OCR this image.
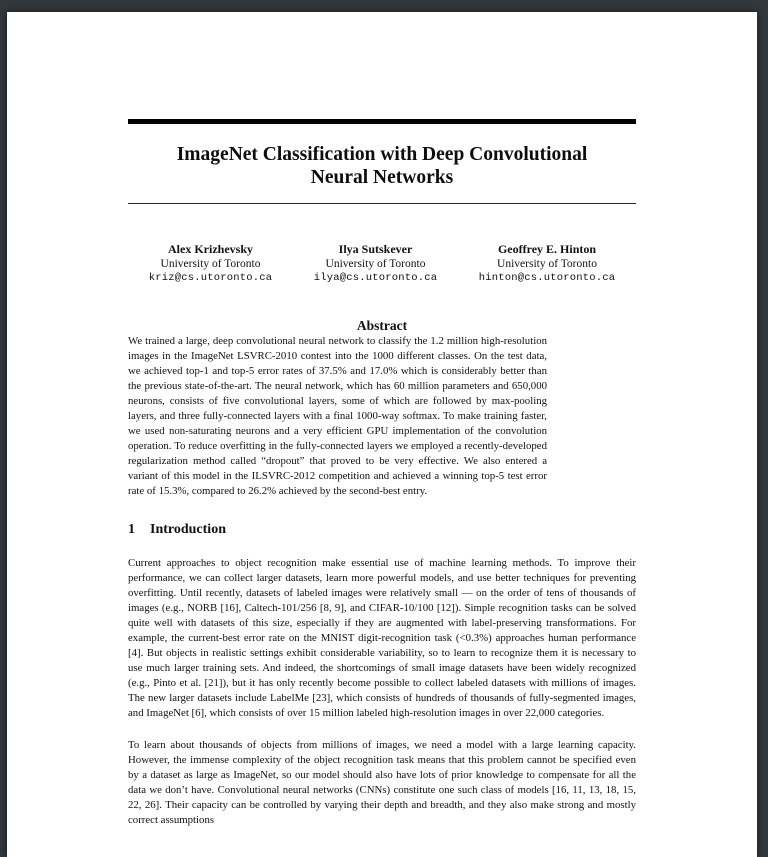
ImageNet Classification with Deep Convolutional
Neural Networks
Alex Krizhevsky
University of Toronto
kriz@cs.utoronto.ca
Ilya Sutskever
University of Toronto
ilya@cs.utoronto.ca
Geoffrey E. Hinton
University of Toronto
hinton@cs.utoronto.ca
Abstract

We trained a large, deep convolutional neural network to classify the 1.2 million high-resolution images in the ImageNet LSVRC-2010 contest into the 1000 different classes. On the test data, we achieved top-1 and top-5 error rates of 37.5% and 17.0% which is considerably better than the previous state-of-the-art. The neural network, which has 60 million parameters and 650,000 neurons, consists of five convolutional layers, some of which are followed by max-pooling layers, and three fully-connected layers with a final 1000-way softmax. To make training faster, we used non-saturating neurons and a very efficient GPU implementation of the convolution operation. To reduce overfitting in the fully-connected layers we employed a recently-developed regularization method called “dropout” that proved to be very effective. We also entered a variant of this model in the ILSVRC-2012 competition and achieved a winning top-5 test error rate of 15.3%, compared to 26.2% achieved by the second-best entry.

1 Introduction

Current approaches to object recognition make essential use of machine learning methods. To improve their performance, we can collect larger datasets, learn more powerful models, and use better techniques for preventing overfitting. Until recently, datasets of labeled images were relatively small — on the order of tens of thousands of images (e.g., NORB [16], Caltech-101/256 [8, 9], and CIFAR-10/100 [12]). Simple recognition tasks can be solved quite well with datasets of this size, especially if they are augmented with label-preserving transformations. For example, the current-best error rate on the MNIST digit-recognition task (<0.3%) approaches human performance [4]. But objects in realistic settings exhibit considerable variability, so to learn to recognize them it is necessary to use much larger training sets. And indeed, the shortcomings of small image datasets have been widely recognized (e.g., Pinto et al. [21]), but it has only recently become possible to collect labeled datasets with millions of images. The new larger datasets include LabelMe [23], which consists of hundreds of thousands of fully-segmented images, and ImageNet [6], which consists of over 15 million labeled high-resolution images in over 22,000 categories.

To learn about thousands of objects from millions of images, we need a model with a large learning capacity. However, the immense complexity of the object recognition task means that this problem cannot be specified even by a dataset as large as ImageNet, so our model should also have lots of prior knowledge to compensate for all the data we don’t have. Convolutional neural networks (CNNs) constitute one such class of models [16, 11, 13, 18, 15, 22, 26]. Their capacity can be controlled by varying their depth and breadth, and they also make strong and mostly correct assumptions
